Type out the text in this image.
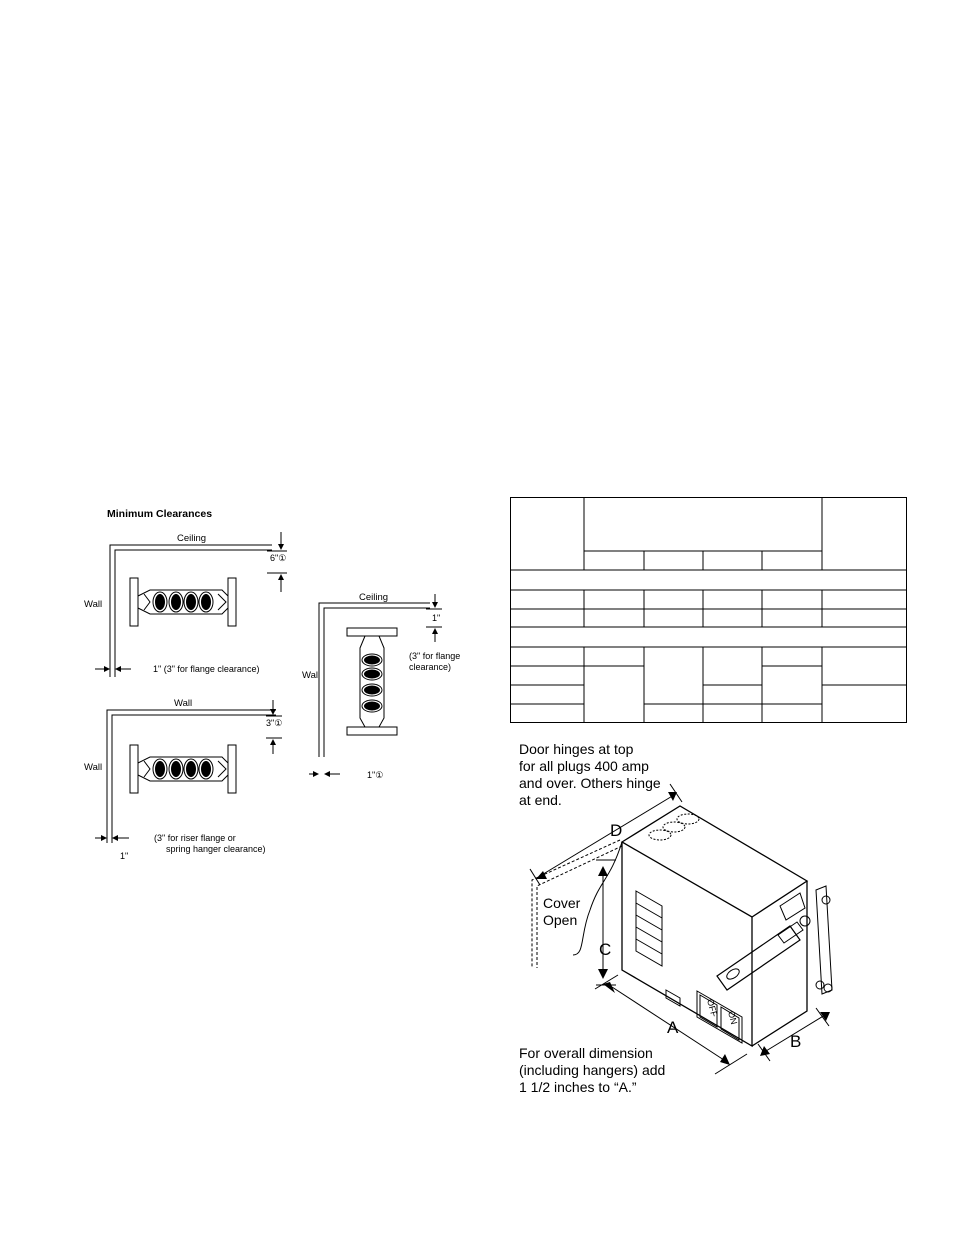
Minimum Clearances
Ceiling
Wall
6"①
1" (3" for flange clearance)
Wall
Wall
3"①
1"
(3" for riser flange or
spring hanger clearance)
Ceiling
Wall
1"
(3" for flange
clearance)
1"①
Door hinges at top
for all plugs 400 amp
and over. Others hinge
at end.
OFF ON
C
A
B
D
Cover
Open
For overall dimension
(including hangers) add
1 1/2 inches to “A.”
